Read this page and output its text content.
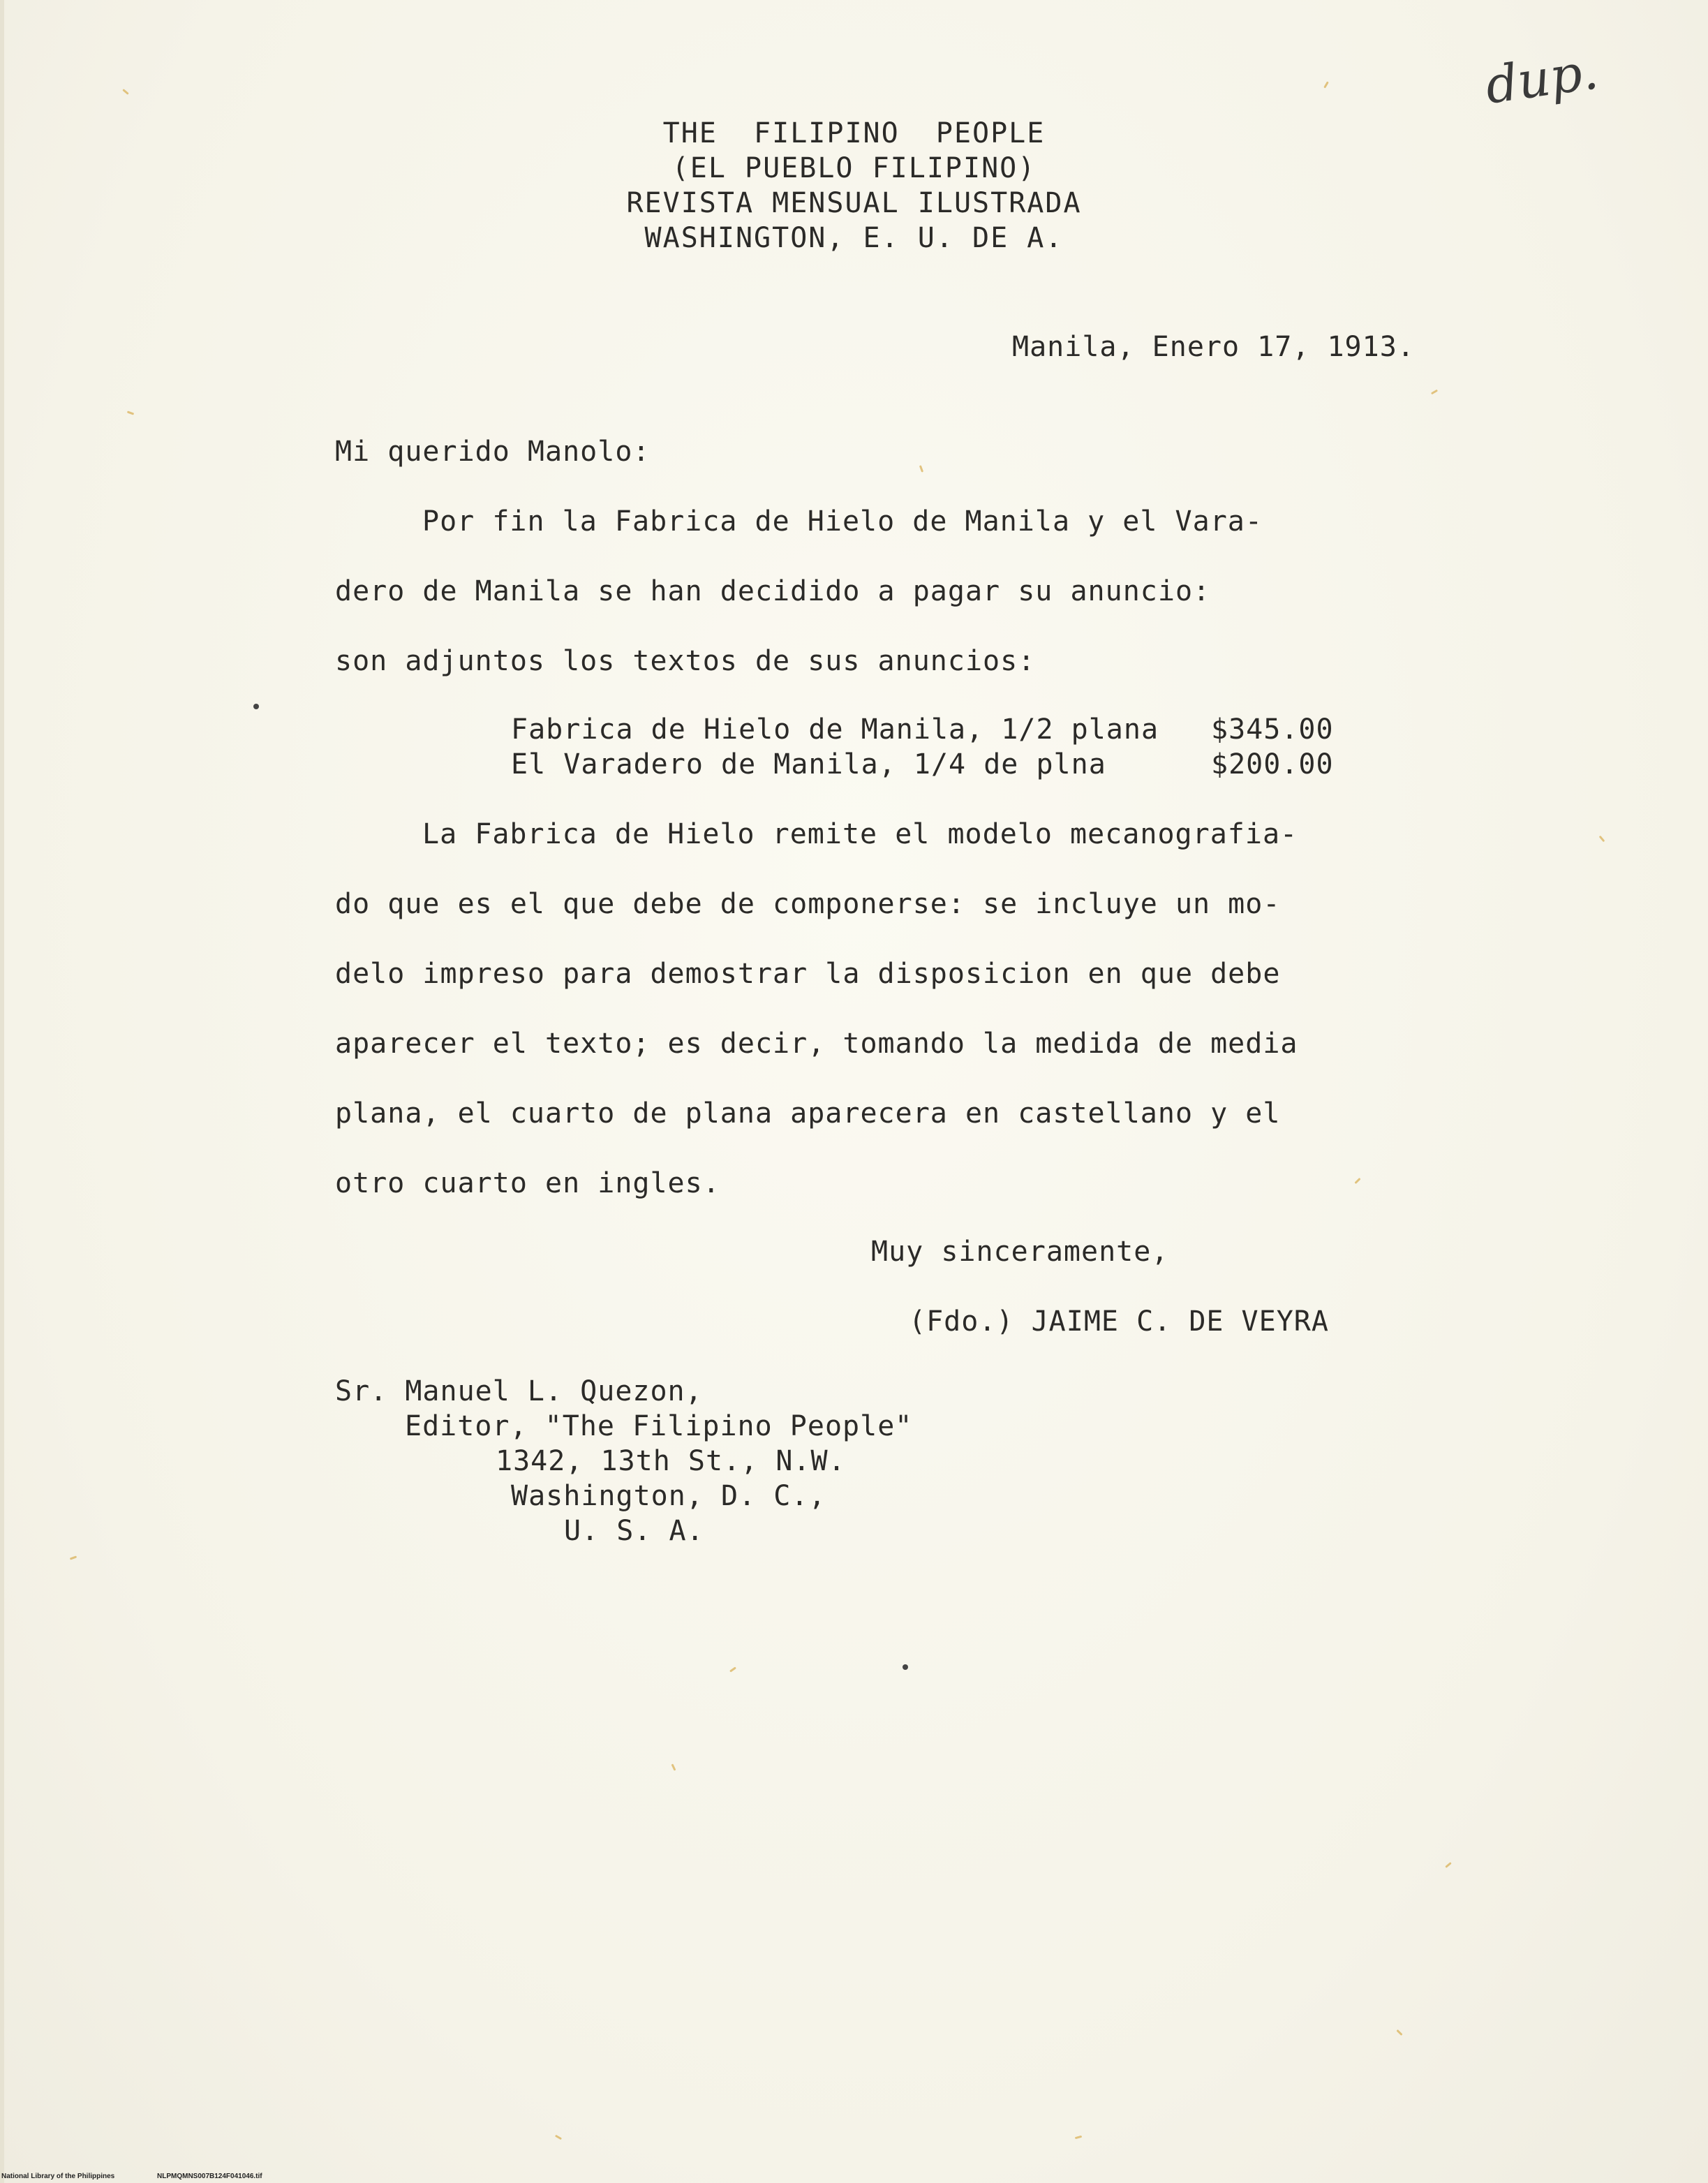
dup.
THE  FILIPINO  PEOPLE
(EL PUEBLO FILIPINO)
REVISTA MENSUAL ILUSTRADA
WASHINGTON, E. U. DE A.
Manila, Enero 17, 1913.
Mi querido Manolo:
Por fin la Fabrica de Hielo de Manila y el Vara-
dero de Manila se han decidido a pagar su anuncio:
son adjuntos los textos de sus anuncios:
Fabrica de Hielo de Manila, 1/2 plana $345.00
El Varadero de Manila, 1/4 de plna	$200.00
La Fabrica de Hielo remite el modelo mecanografia-
do que es el que debe de componerse: se incluye un mo-
delo impreso para demostrar la disposicion en que debe
aparecer el texto; es decir, tomando la medida de media
plana, el cuarto de plana aparecera en castellano y el
otro cuarto en ingles.
Muy sinceramente,
(Fdo.) JAIME C. DE VEYRA
Sr. Manuel L. Quezon,
Editor, "The Filipino People"
1342, 13th St., N.W.
Washington, D. C.,
U. S. A.
National Library of the Philippines	NLPMQMNS007B124F041046.tif
